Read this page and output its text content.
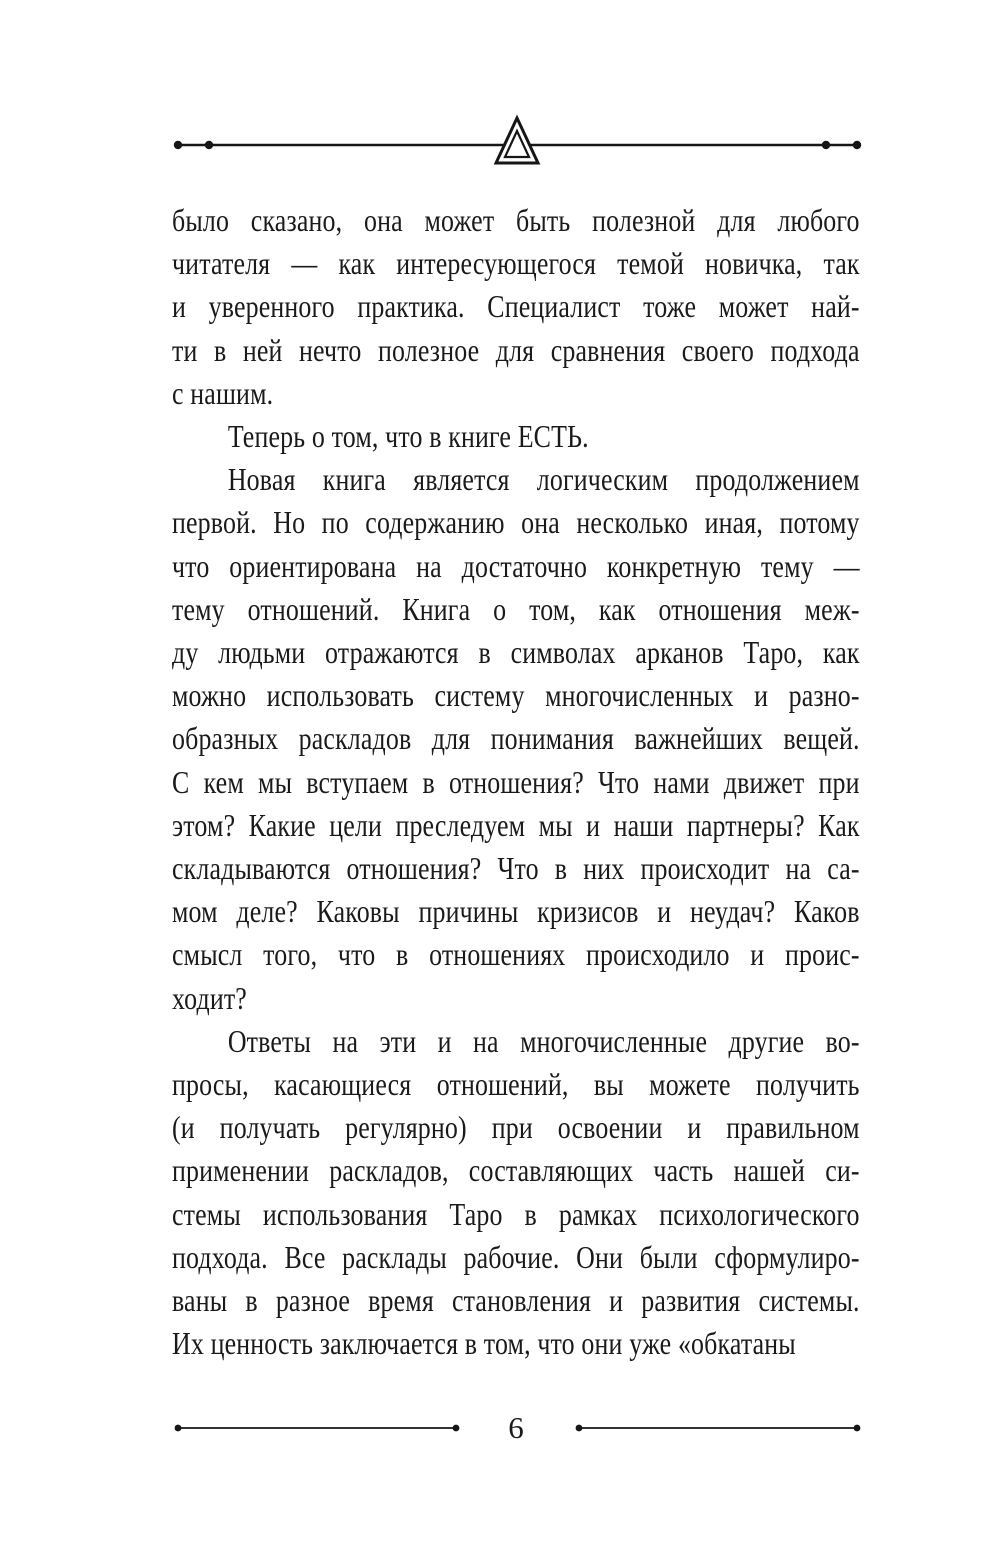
было сказано, она может быть полезной для любого
читателя — как интересующегося темой новичка, так
и уверенного практика. Специалист тоже может най-
ти в ней нечто полезное для сравнения своего подхода
с нашим.
Теперь о том, что в книге ЕСТЬ.
Новая книга является логическим продолжением
первой. Но по содержанию она несколько иная, потому
что ориентирована на достаточно конкретную тему —
тему отношений. Книга о том, как отношения меж-
ду людьми отражаются в символах арканов Таро, как
можно использовать систему многочисленных и разно-
образных раскладов для понимания важнейших вещей.
С кем мы вступаем в отношения? Что нами движет при
этом? Какие цели преследуем мы и наши партнеры? Как
складываются отношения? Что в них происходит на са-
мом деле? Каковы причины кризисов и неудач? Каков
смысл того, что в отношениях происходило и проис-
ходит?
Ответы на эти и на многочисленные другие во-
просы, касающиеся отношений, вы можете получить
(и получать регулярно) при освоении и правильном
применении раскладов, составляющих часть нашей си-
стемы использования Таро в рамках психологического
подхода. Все расклады рабочие. Они были сформулиро-
ваны в разное время становления и развития системы.
Их ценность заключается в том, что они уже «обкатаны
6
